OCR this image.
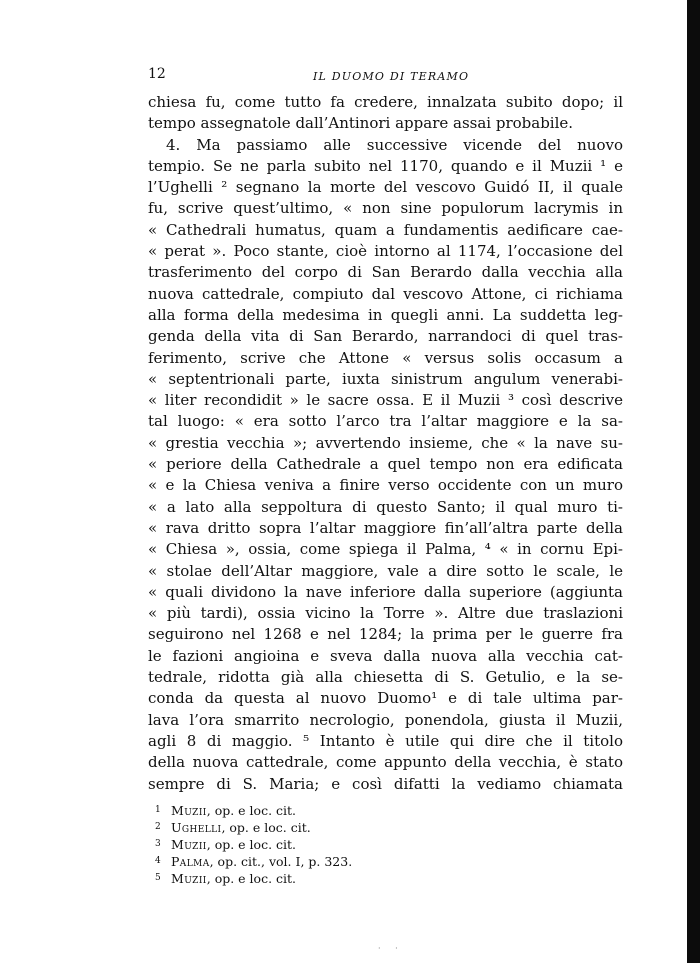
12	IL DUOMO DI TERAMO
chiesa fu, come tutto fa credere, innalzata subito dopo; il
tempo assegnatole dall’Antinori appare assai probabile.
4. Ma passiamo alle successive vicende del nuovo
tempio. Se ne parla subito nel 1170, quando e il Muzii ¹ e
l’Ughelli ² segnano la morte del vescovo Guidó II, il quale
fu, scrive quest’ultimo, « non sine populorum lacrymis in
« Cathedrali humatus, quam a fundamentis aedificare cae-
« perat ». Poco stante, cioè intorno al 1174, l’occasione del
trasferimento del corpo di San Berardo dalla vecchia alla
nuova cattedrale, compiuto dal vescovo Attone, ci richiama
alla forma della medesima in quegli anni. La suddetta leg-
genda della vita di San Berardo, narrandoci di quel tras-
ferimento, scrive che Attone « versus solis occasum a
« septentrionali parte, iuxta sinistrum angulum venerabi-
« liter recondidit » le sacre ossa. E il Muzii ³ così descrive
tal luogo: « era sotto l’arco tra l’altar maggiore e la sa-
« grestia vecchia »; avvertendo insieme, che « la nave su-
« periore della Cathedrale a quel tempo non era edificata
« e la Chiesa veniva a finire verso occidente con un muro
« a lato alla seppoltura di questo Santo; il qual muro ti-
« rava dritto sopra l’altar maggiore fin’all’altra parte della
« Chiesa », ossia, come spiega il Palma, ⁴ « in cornu Epi-
« stolae dell’Altar maggiore, vale a dire sotto le scale, le
« quali dividono la nave inferiore dalla superiore (aggiunta
« più tardi), ossia vicino la Torre ». Altre due traslazioni
seguirono nel 1268 e nel 1284; la prima per le guerre fra
le fazioni angioina e sveva dalla nuova alla vecchia cat-
tedrale, ridotta già alla chiesetta di S. Getulio, e la se-
conda da questa al nuovo Duomo¹ e di tale ultima par-
lava l’ora smarrito necrologio, ponendola, giusta il Muzii,
agli 8 di maggio. ⁵ Intanto è utile qui dire che il titolo
della nuova cattedrale, come appunto della vecchia, è stato
sempre di S. Maria; e così difatti la vediamo chiamata
1 Muzii, op. e loc. cit.
2 Ughelli, op. e loc. cit.
3 Muzii, op. e loc. cit.
4 Palma, op. cit., vol. I, p. 323.
5 Muzii, op. e loc. cit.
· ·
